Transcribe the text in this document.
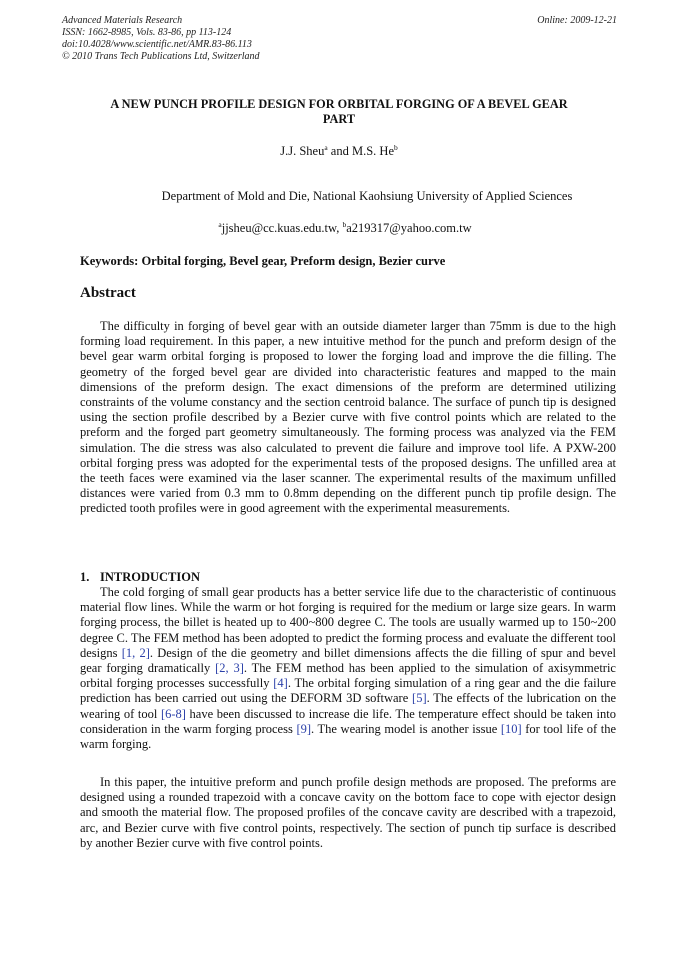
Advanced Materials Research
ISSN: 1662-8985, Vols. 83-86, pp 113-124
doi:10.4028/www.scientific.net/AMR.83-86.113
© 2010 Trans Tech Publications Ltd, Switzerland
Online: 2009-12-21
A NEW PUNCH PROFILE DESIGN FOR ORBITAL FORGING OF A BEVEL GEAR
PART
J.J. Sheu$^a$ and M.S. He$^b$
Department of Mold and Die, National Kaohsiung University of Applied Sciences
$^a$jjsheu@cc.kuas.edu.tw, $^b$a219317@yahoo.com.tw
Keywords: Orbital forging, Bevel gear, Preform design, Bezier curve
Abstract

The difficulty in forging of bevel gear with an outside diameter larger than 75mm is due to the high forming load requirement. In this paper, a new intuitive method for the punch and preform design of the bevel gear warm orbital forging is proposed to lower the forging load and improve the die filling. The geometry of the forged bevel gear are divided into characteristic features and mapped to the main dimensions of the preform design. The exact dimensions of the preform are determined utilizing constraints of the volume constancy and the section centroid balance. The surface of punch tip is designed using the section profile described by a Bezier curve with five control points which are related to the preform and the forged part geometry simultaneously. The forming process was analyzed via the FEM simulation. The die stress was also calculated to prevent die failure and improve tool life. A PXW-200 orbital forging press was adopted for the experimental tests of the proposed designs. The unfilled area at the teeth faces were examined via the laser scanner. The experimental results of the maximum unfilled distances were varied from 0.3 mm to 0.8mm depending on the different punch tip profile design. The predicted tooth profiles were in good agreement with the experimental measurements.

1. INTRODUCTION

The cold forging of small gear products has a better service life due to the characteristic of continuous material flow lines. While the warm or hot forging is required for the medium or large size gears. In warm forging process, the billet is heated up to 400~800 degree C. The tools are usually warmed up to 150~200 degree C. The FEM method has been adopted to predict the forming process and evaluate the different tool designs [1, 2]. Design of the die geometry and billet dimensions affects the die filling of spur and bevel gear forging dramatically [2, 3]. The FEM method has been applied to the simulation of axisymmetric orbital forging processes successfully [4]. The orbital forging simulation of a ring gear and the die failure prediction has been carried out using the DEFORM 3D software [5]. The effects of the lubrication on the wearing of tool [6-8] have been discussed to increase die life. The temperature effect should be taken into consideration in the warm forging process [9]. The wearing model is another issue [10] for tool life of the warm forging.

In this paper, the intuitive preform and punch profile design methods are proposed. The preforms are designed using a rounded trapezoid with a concave cavity on the bottom face to cope with ejector design and smooth the material flow. The proposed profiles of the concave cavity are described with a trapezoid, arc, and Bezier curve with five control points, respectively. The section of punch tip surface is described by another Bezier curve with five control points.
